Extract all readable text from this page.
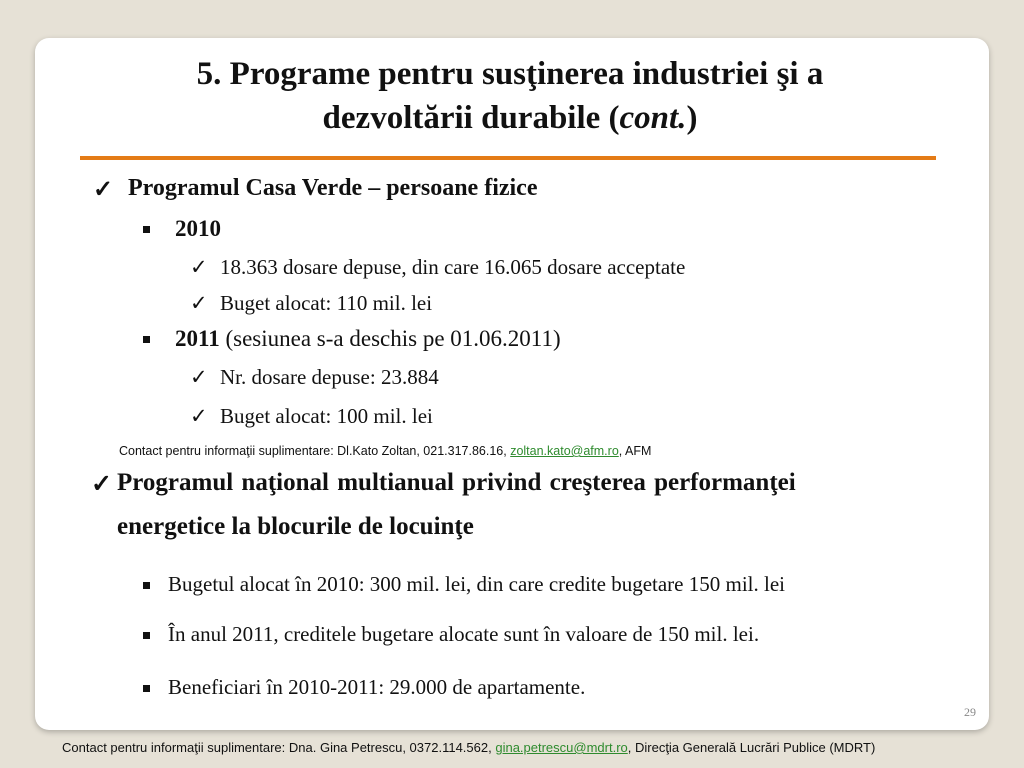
5. Programe pentru susţinerea industriei şi a
dezvoltării durabile (cont.)
✓ Programul Casa Verde – persoane fizice
2010
✓ 18.363 dosare depuse, din care 16.065 dosare acceptate
✓ Buget alocat: 110 mil. lei
2011 (sesiunea s-a deschis pe 01.06.2011)
✓ Nr. dosare depuse: 23.884
✓ Buget alocat: 100 mil. lei
Contact pentru informaţii suplimentare: Dl.Kato Zoltan, 021.317.86.16, zoltan.kato@afm.ro, AFM
✓ Programul naţional multianual privind creşterea performanţei
energetice la blocurile de locuinţe
Bugetul alocat în 2010: 300 mil. lei, din care credite bugetare 150 mil. lei
În anul 2011, creditele bugetare alocate sunt în valoare de 150 mil. lei.
Beneficiari în 2010-2011: 29.000 de apartamente.
29
Contact pentru informaţii suplimentare: Dna. Gina Petrescu, 0372.114.562, gina.petrescu@mdrt.ro, Direcţia Generală Lucrări Publice (MDRT)
